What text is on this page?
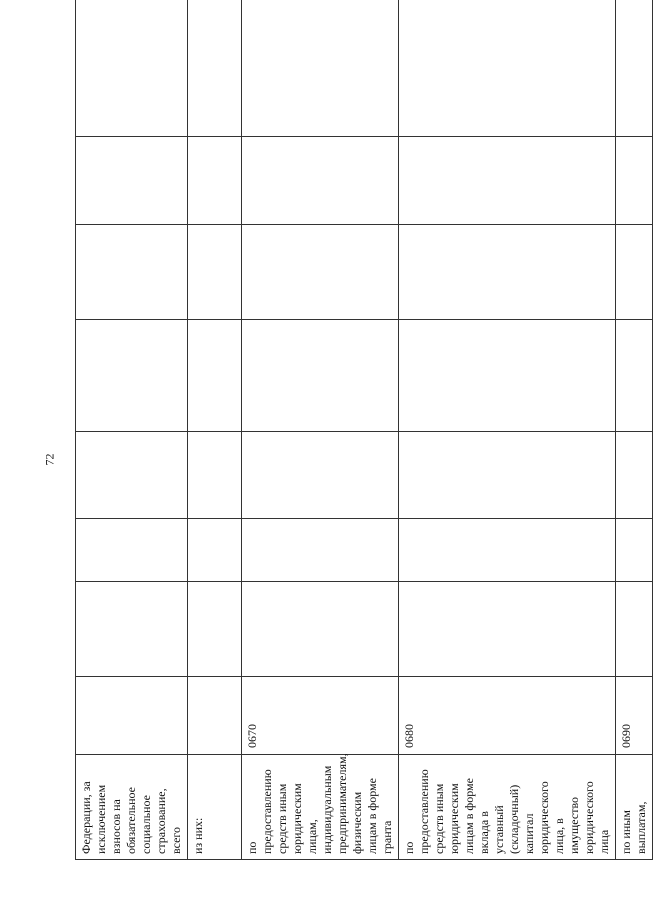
72
Федерации, за исключением взносов на обязательное социальное страхование, всего								
из них:								
по предоставлению средств иным юридическим лицам, индивидуальным предпринимателям, физическим лицам в форме гранта	0670							
по предоставлению средств иным юридическим лицам в форме вклада в уставный (складочный) капитал юридического лица, в имущество юридического лица	0680							
по иным выплатам,	0690							
